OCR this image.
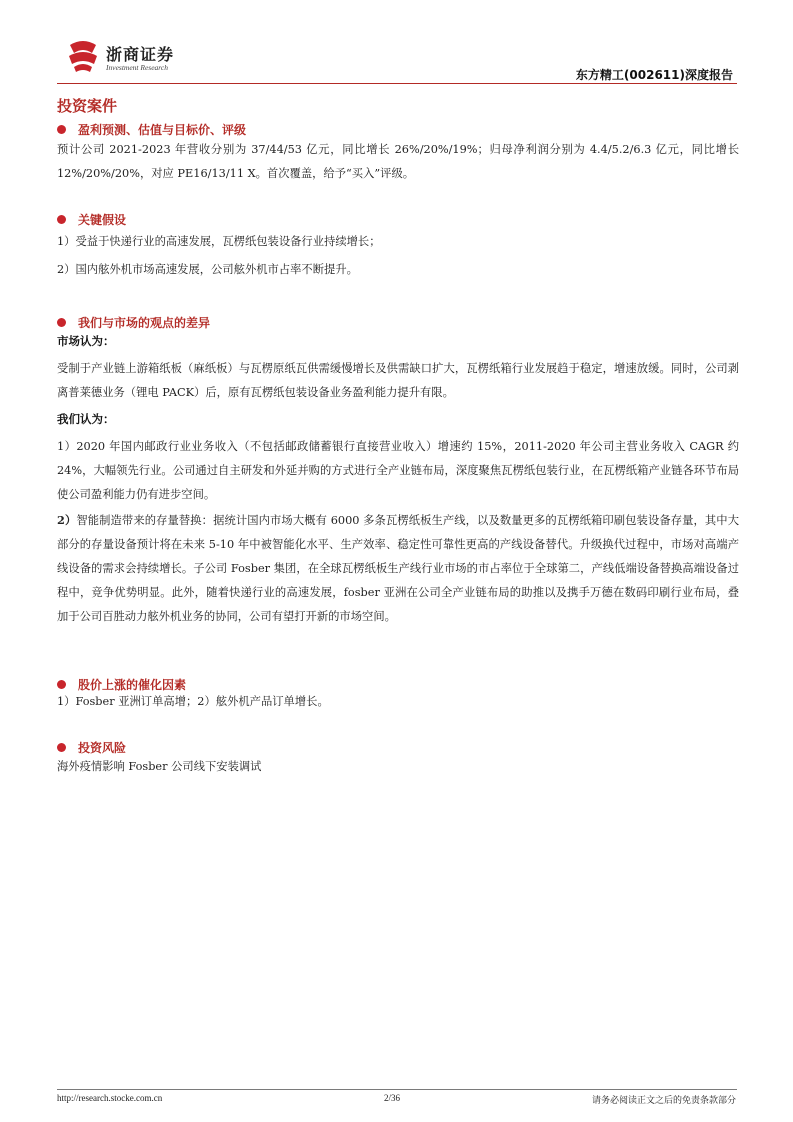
浙商证券
Investment Research
东方精工(002611)深度报告
投资案件
盈利预测、估值与目标价、评级
预计公司 2021-2023 年营收分别为 37/44/53 亿元，同比增长 26%/20%/19%；归母净利润分别为 4.4/5.2/6.3 亿元，同比增长 12%/20%/20%，对应 PE16/13/11 X。首次覆盖，给予“买入”评级。
关键假设
1）受益于快递行业的高速发展，瓦楞纸包装设备行业持续增长；
2）国内舷外机市场高速发展，公司舷外机市占率不断提升。
我们与市场的观点的差异
市场认为：
受制于产业链上游箱纸板（麻纸板）与瓦楞原纸瓦供需缓慢增长及供需缺口扩大，瓦楞纸箱行业发展趋于稳定，增速放缓。同时，公司剥离普莱德业务（锂电 PACK）后，原有瓦楞纸包装设备业务盈利能力提升有限。
我们认为：
1）2020 年国内邮政行业业务收入（不包括邮政储蓄银行直接营业收入）增速约 15%，2011-2020 年公司主营业务收入 CAGR 约 24%，大幅领先行业。公司通过自主研发和外延并购的方式进行全产业链布局，深度聚焦瓦楞纸包装行业，在瓦楞纸箱产业链各环节布局使公司盈利能力仍有进步空间。
2）智能制造带来的存量替换：据统计国内市场大概有 6000 多条瓦楞纸板生产线，以及数量更多的瓦楞纸箱印刷包装设备存量，其中大部分的存量设备预计将在未来 5-10 年中被智能化水平、生产效率、稳定性可靠性更高的产线设备替代。升级换代过程中，市场对高端产线设备的需求会持续增长。子公司 Fosber 集团，在全球瓦楞纸板生产线行业市场的市占率位于全球第二，产线低端设备替换高端设备过程中，竞争优势明显。此外，随着快递行业的高速发展，fosber 亚洲在公司全产业链布局的助推以及携手万德在数码印刷行业布局，叠加于公司百胜动力舷外机业务的协同，公司有望打开新的市场空间。
股价上涨的催化因素
1）Fosber 亚洲订单高增；2）舷外机产品订单增长。
投资风险
海外疫情影响 Fosber 公司线下安装调试
http://research.stocke.com.cn	2/36	请务必阅读正文之后的免责条款部分
